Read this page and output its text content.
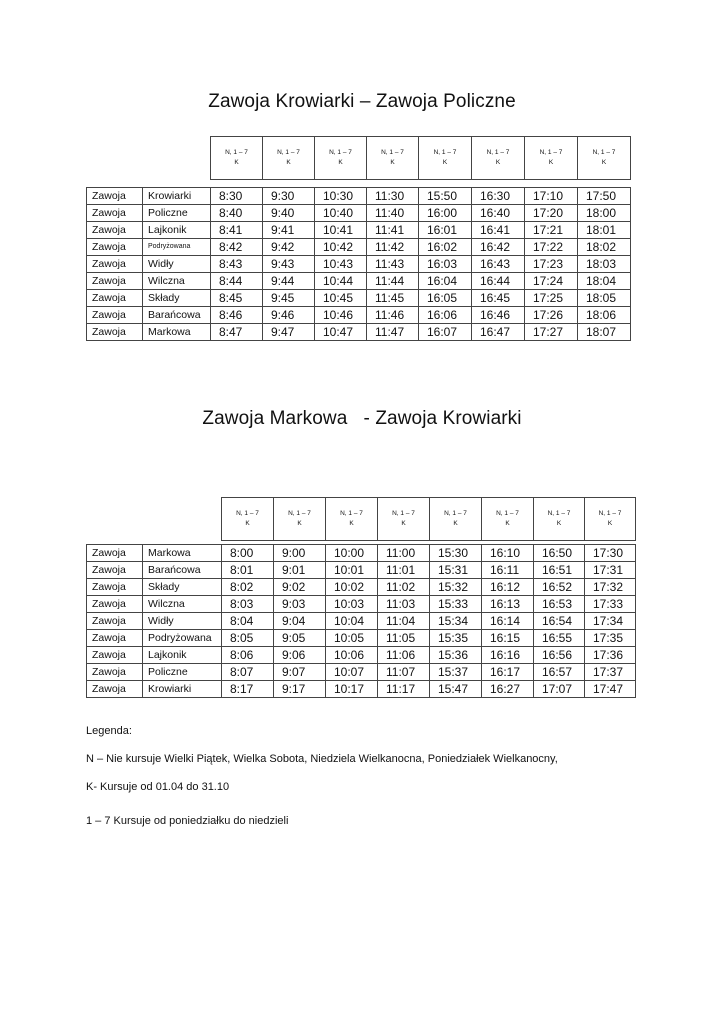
Zawoja Krowiarki – Zawoja Policzne
N, 1 – 7
K

N, 1 – 7
K

N, 1 – 7
K

N, 1 – 7
K

N, 1 – 7
K

N, 1 – 7
K

N, 1 – 7
K

N, 1 – 7
K
Zawoja	Krowiarki	8:30	9:30	10:30	11:30	15:50	16:30	17:10	17:50
Zawoja	Policzne	8:40	9:40	10:40	11:40	16:00	16:40	17:20	18:00
Zawoja	Lajkonik	8:41	9:41	10:41	11:41	16:01	16:41	17:21	18:01
Zawoja	Podryżowana	8:42	9:42	10:42	11:42	16:02	16:42	17:22	18:02
Zawoja	Widły	8:43	9:43	10:43	11:43	16:03	16:43	17:23	18:03
Zawoja	Wilczna	8:44	9:44	10:44	11:44	16:04	16:44	17:24	18:04
Zawoja	Składy	8:45	9:45	10:45	11:45	16:05	16:45	17:25	18:05
Zawoja	Barańcowa	8:46	9:46	10:46	11:46	16:06	16:46	17:26	18:06
Zawoja	Markowa	8:47	9:47	10:47	11:47	16:07	16:47	17:27	18:07
Zawoja Markowa   - Zawoja Krowiarki
N, 1 – 7
K

N, 1 – 7
K

N, 1 – 7
K

N, 1 – 7
K

N, 1 – 7
K

N, 1 – 7
K

N, 1 – 7
K

N, 1 – 7
K
Zawoja	Markowa	8:00	9:00	10:00	11:00	15:30	16:10	16:50	17:30
Zawoja	Barańcowa	8:01	9:01	10:01	11:01	15:31	16:11	16:51	17:31
Zawoja	Składy	8:02	9:02	10:02	11:02	15:32	16:12	16:52	17:32
Zawoja	Wilczna	8:03	9:03	10:03	11:03	15:33	16:13	16:53	17:33
Zawoja	Widły	8:04	9:04	10:04	11:04	15:34	16:14	16:54	17:34
Zawoja	Podryżowana	8:05	9:05	10:05	11:05	15:35	16:15	16:55	17:35
Zawoja	Lajkonik	8:06	9:06	10:06	11:06	15:36	16:16	16:56	17:36
Zawoja	Policzne	8:07	9:07	10:07	11:07	15:37	16:17	16:57	17:37
Zawoja	Krowiarki	8:17	9:17	10:17	11:17	15:47	16:27	17:07	17:47

Legenda:

N – Nie kursuje Wielki Piątek, Wielka Sobota, Niedziela Wielkanocna, Poniedziałek Wielkanocny,

K- Kursuje od 01.04 do 31.10

1 – 7 Kursuje od poniedziałku do niedzieli
